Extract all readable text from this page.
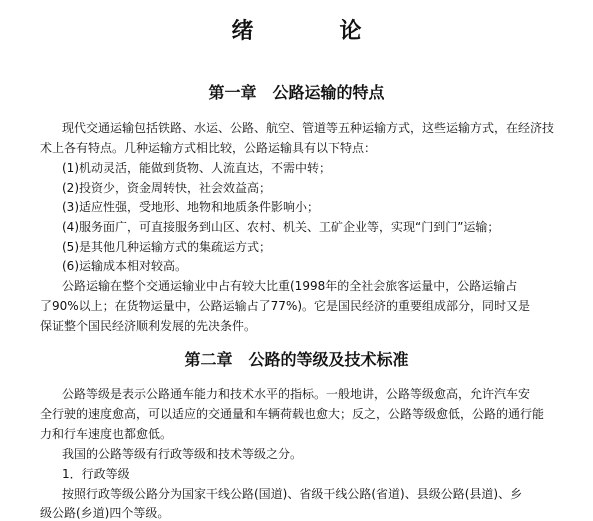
绪　论
第一章　公路运输的特点
现代交通运输包括铁路、水运、公路、航空、管道等五种运输方式，这些运输方式，在经济技
术上各有特点。几种运输方式相比较，公路运输具有以下特点：
(1)机动灵活，能做到货物、人流直达，不需中转；
(2)投资少，资金周转快，社会效益高；
(3)适应性强，受地形、地物和地质条件影响小；
(4)服务面广，可直接服务到山区、农村、机关、工矿企业等，实现“门到门”运输；
(5)是其他几种运输方式的集疏运方式；
(6)运输成本相对较高。
公路运输在整个交通运输业中占有较大比重(1998年的全社会旅客运量中，公路运输占
了90%以上；在货物运量中，公路运输占了77%)。它是国民经济的重要组成部分，同时又是
保证整个国民经济顺利发展的先决条件。
第二章　公路的等级及技术标准
公路等级是表示公路通车能力和技术水平的指标。一般地讲，公路等级愈高，允许汽车安
全行驶的速度愈高，可以适应的交通量和车辆荷载也愈大；反之，公路等级愈低，公路的通行能
力和行车速度也都愈低。
我国的公路等级有行政等级和技术等级之分。
1．行政等级
按照行政等级公路分为国家干线公路(国道)、省级干线公路(省道)、县级公路(县道)、乡
级公路(乡道)四个等级。
